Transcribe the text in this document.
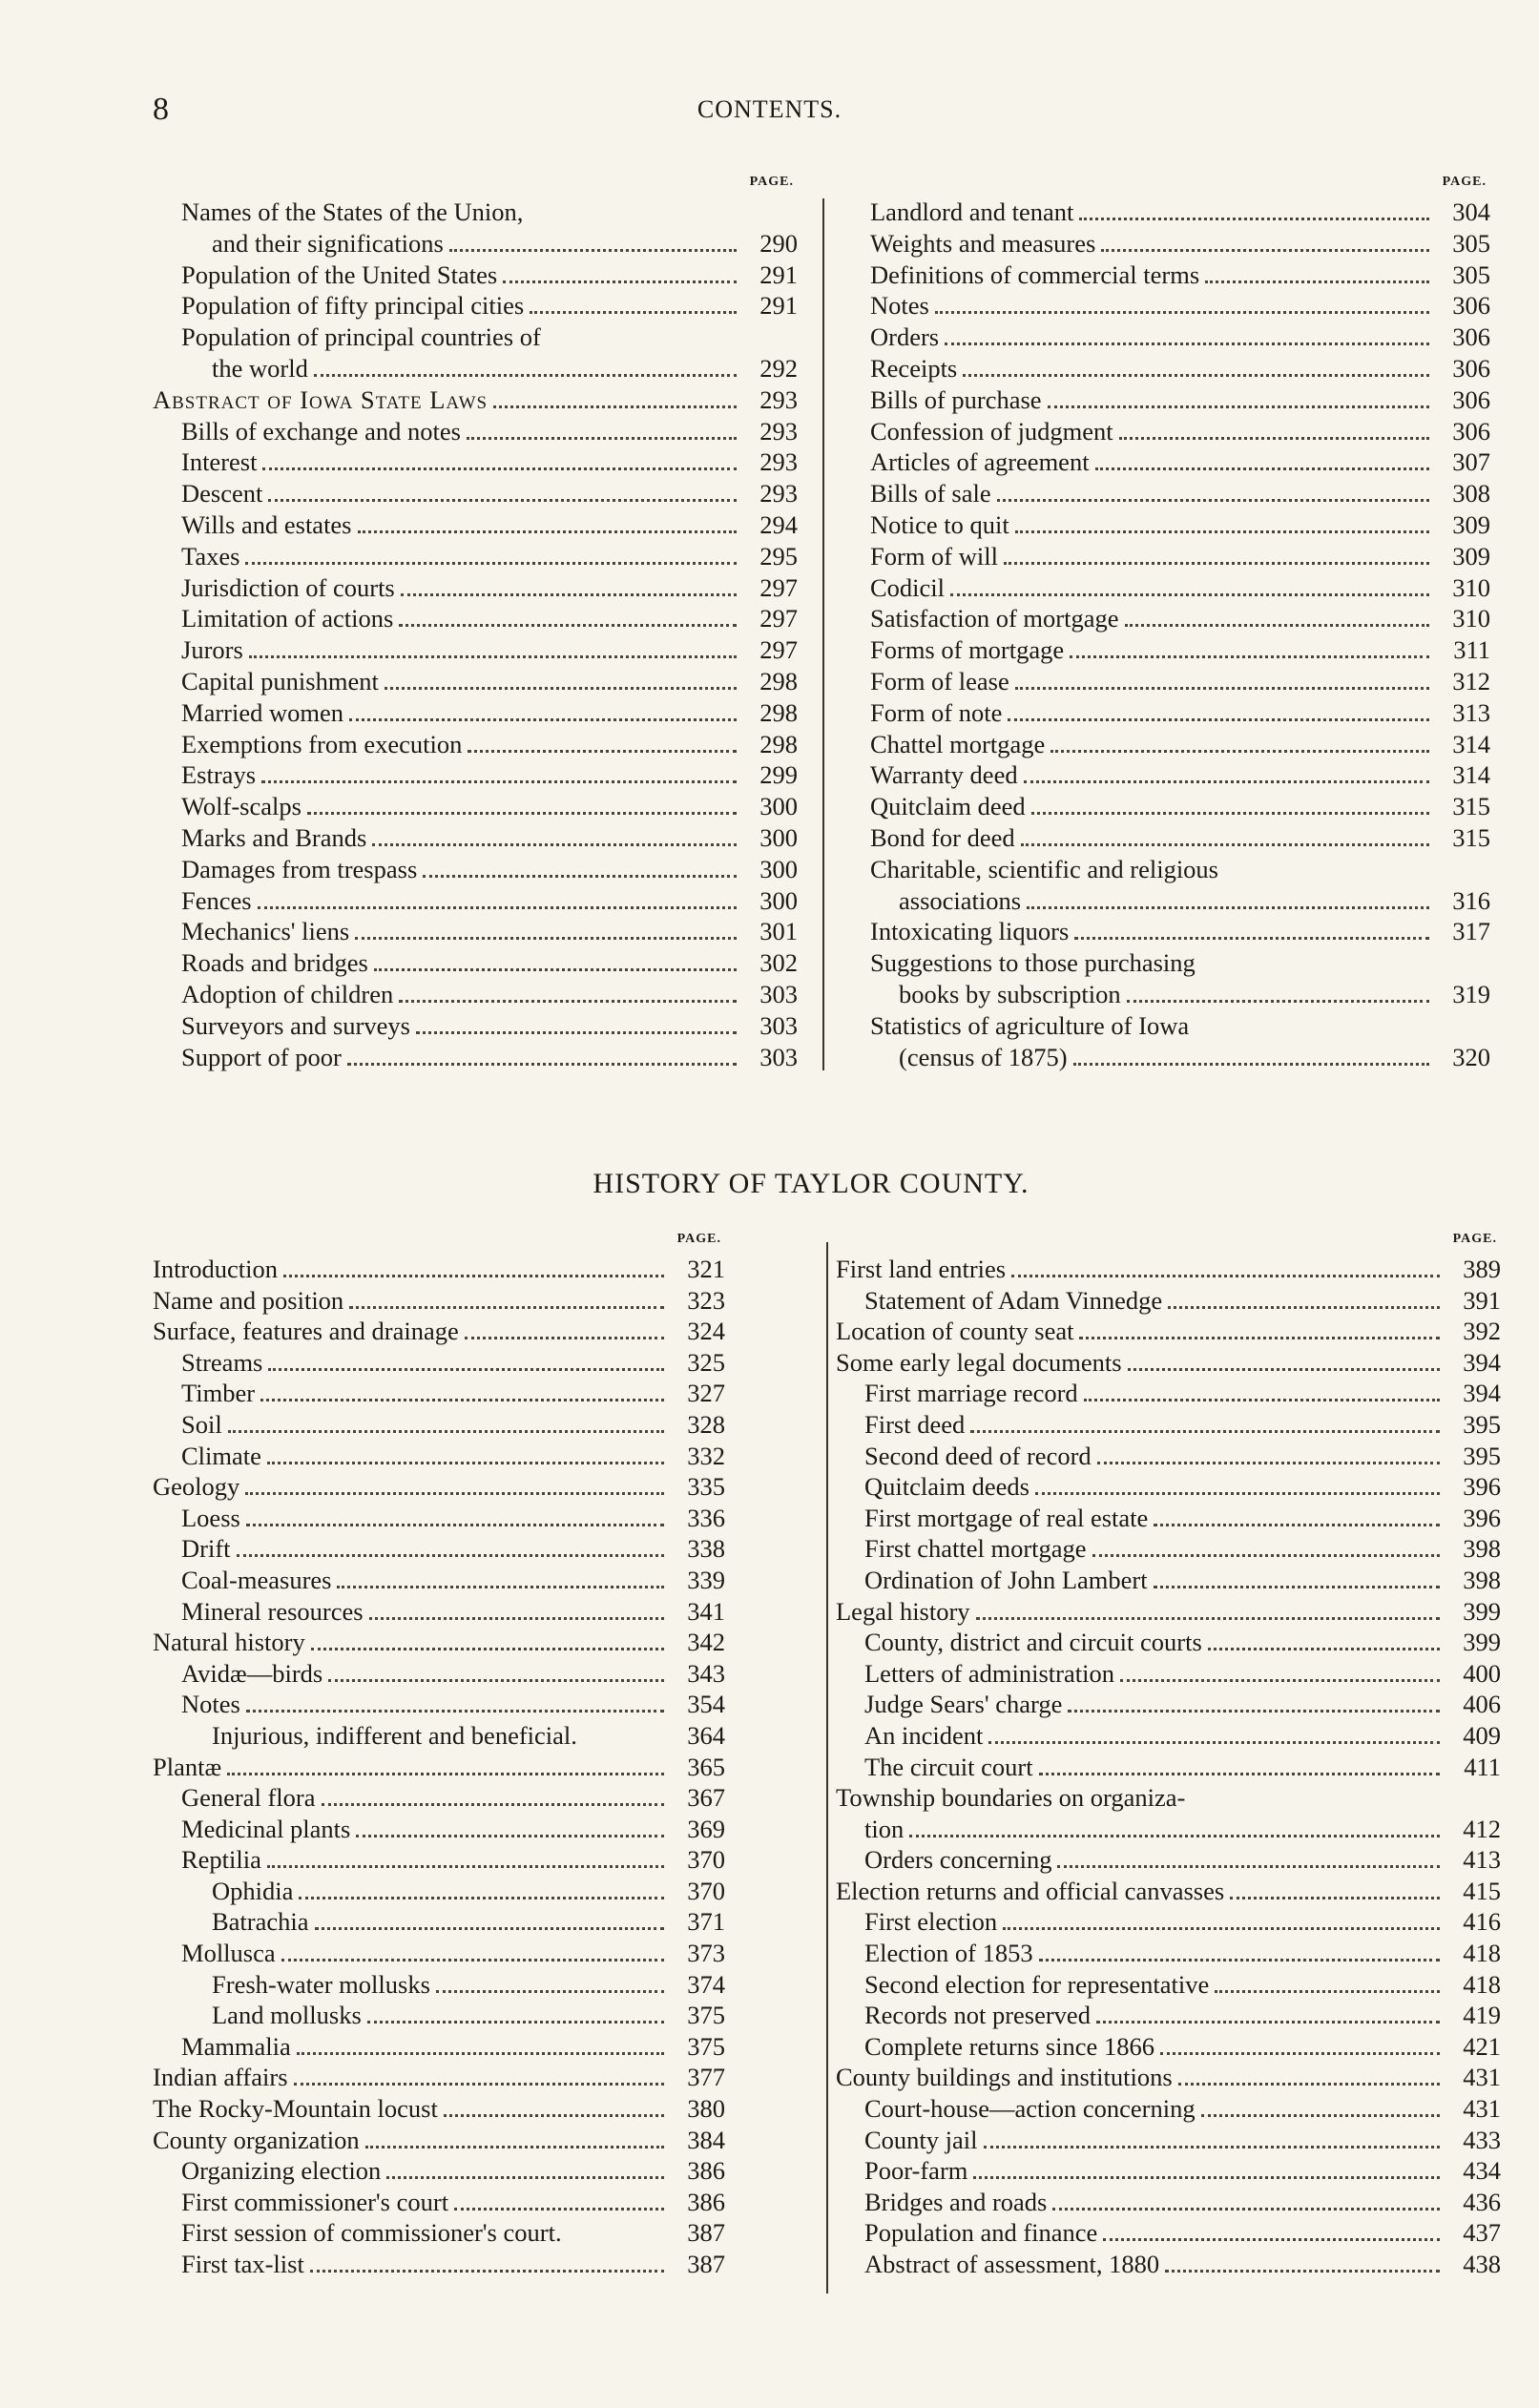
8	CONTENTS.
PAGE.
Names of the States of the Union,
and their significations	290
Population of the United States	291
Population of fifty principal cities	291
Population of principal countries of
the world	292
Abstract of Iowa State Laws	293
Bills of exchange and notes	293
Interest	293
Descent	293
Wills and estates	294
Taxes	295
Jurisdiction of courts	297
Limitation of actions	297
Jurors	297
Capital punishment	298
Married women	298
Exemptions from execution	298
Estrays	299
Wolf-scalps	300
Marks and Brands	300
Damages from trespass	300
Fences	300
Mechanics' liens	301
Roads and bridges	302
Adoption of children	303
Surveyors and surveys	303
Support of poor	303
PAGE.
Landlord and tenant	304
Weights and measures	305
Definitions of commercial terms	305
Notes	306
Orders	306
Receipts	306
Bills of purchase	306
Confession of judgment	306
Articles of agreement	307
Bills of sale	308
Notice to quit	309
Form of will	309
Codicil	310
Satisfaction of mortgage	310
Forms of mortgage	311
Form of lease	312
Form of note	313
Chattel mortgage	314
Warranty deed	314
Quitclaim deed	315
Bond for deed	315
Charitable, scientific and religious
associations	316
Intoxicating liquors	317
Suggestions to those purchasing
books by subscription	319
Statistics of agriculture of Iowa
(census of 1875)	320
HISTORY OF TAYLOR COUNTY.
PAGE.
Introduction	321
Name and position	323
Surface, features and drainage	324
Streams	325
Timber	327
Soil	328
Climate	332
Geology	335
Loess	336
Drift	338
Coal-measures	339
Mineral resources	341
Natural history	342
Avidæ—birds	343
Notes	354
Injurious, indifferent and beneficial.	364
Plantæ	365
General flora	367
Medicinal plants	369
Reptilia	370
Ophidia	370
Batrachia	371
Mollusca	373
Fresh-water mollusks	374
Land mollusks	375
Mammalia	375
Indian affairs	377
The Rocky-Mountain locust	380
County organization	384
Organizing election	386
First commissioner's court	386
First session of commissioner's court.	387
First tax-list	387
PAGE.
First land entries	389
Statement of Adam Vinnedge	391
Location of county seat	392
Some early legal documents	394
First marriage record	394
First deed	395
Second deed of record	395
Quitclaim deeds	396
First mortgage of real estate	396
First chattel mortgage	398
Ordination of John Lambert	398
Legal history	399
County, district and circuit courts	399
Letters of administration	400
Judge Sears' charge	406
An incident	409
The circuit court	411
Township boundaries on organiza-
tion	412
Orders concerning	413
Election returns and official canvasses	415
First election	416
Election of 1853	418
Second election for representative	418
Records not preserved	419
Complete returns since 1866	421
County buildings and institutions	431
Court-house—action concerning	431
County jail	433
Poor-farm	434
Bridges and roads	436
Population and finance	437
Abstract of assessment, 1880	438
